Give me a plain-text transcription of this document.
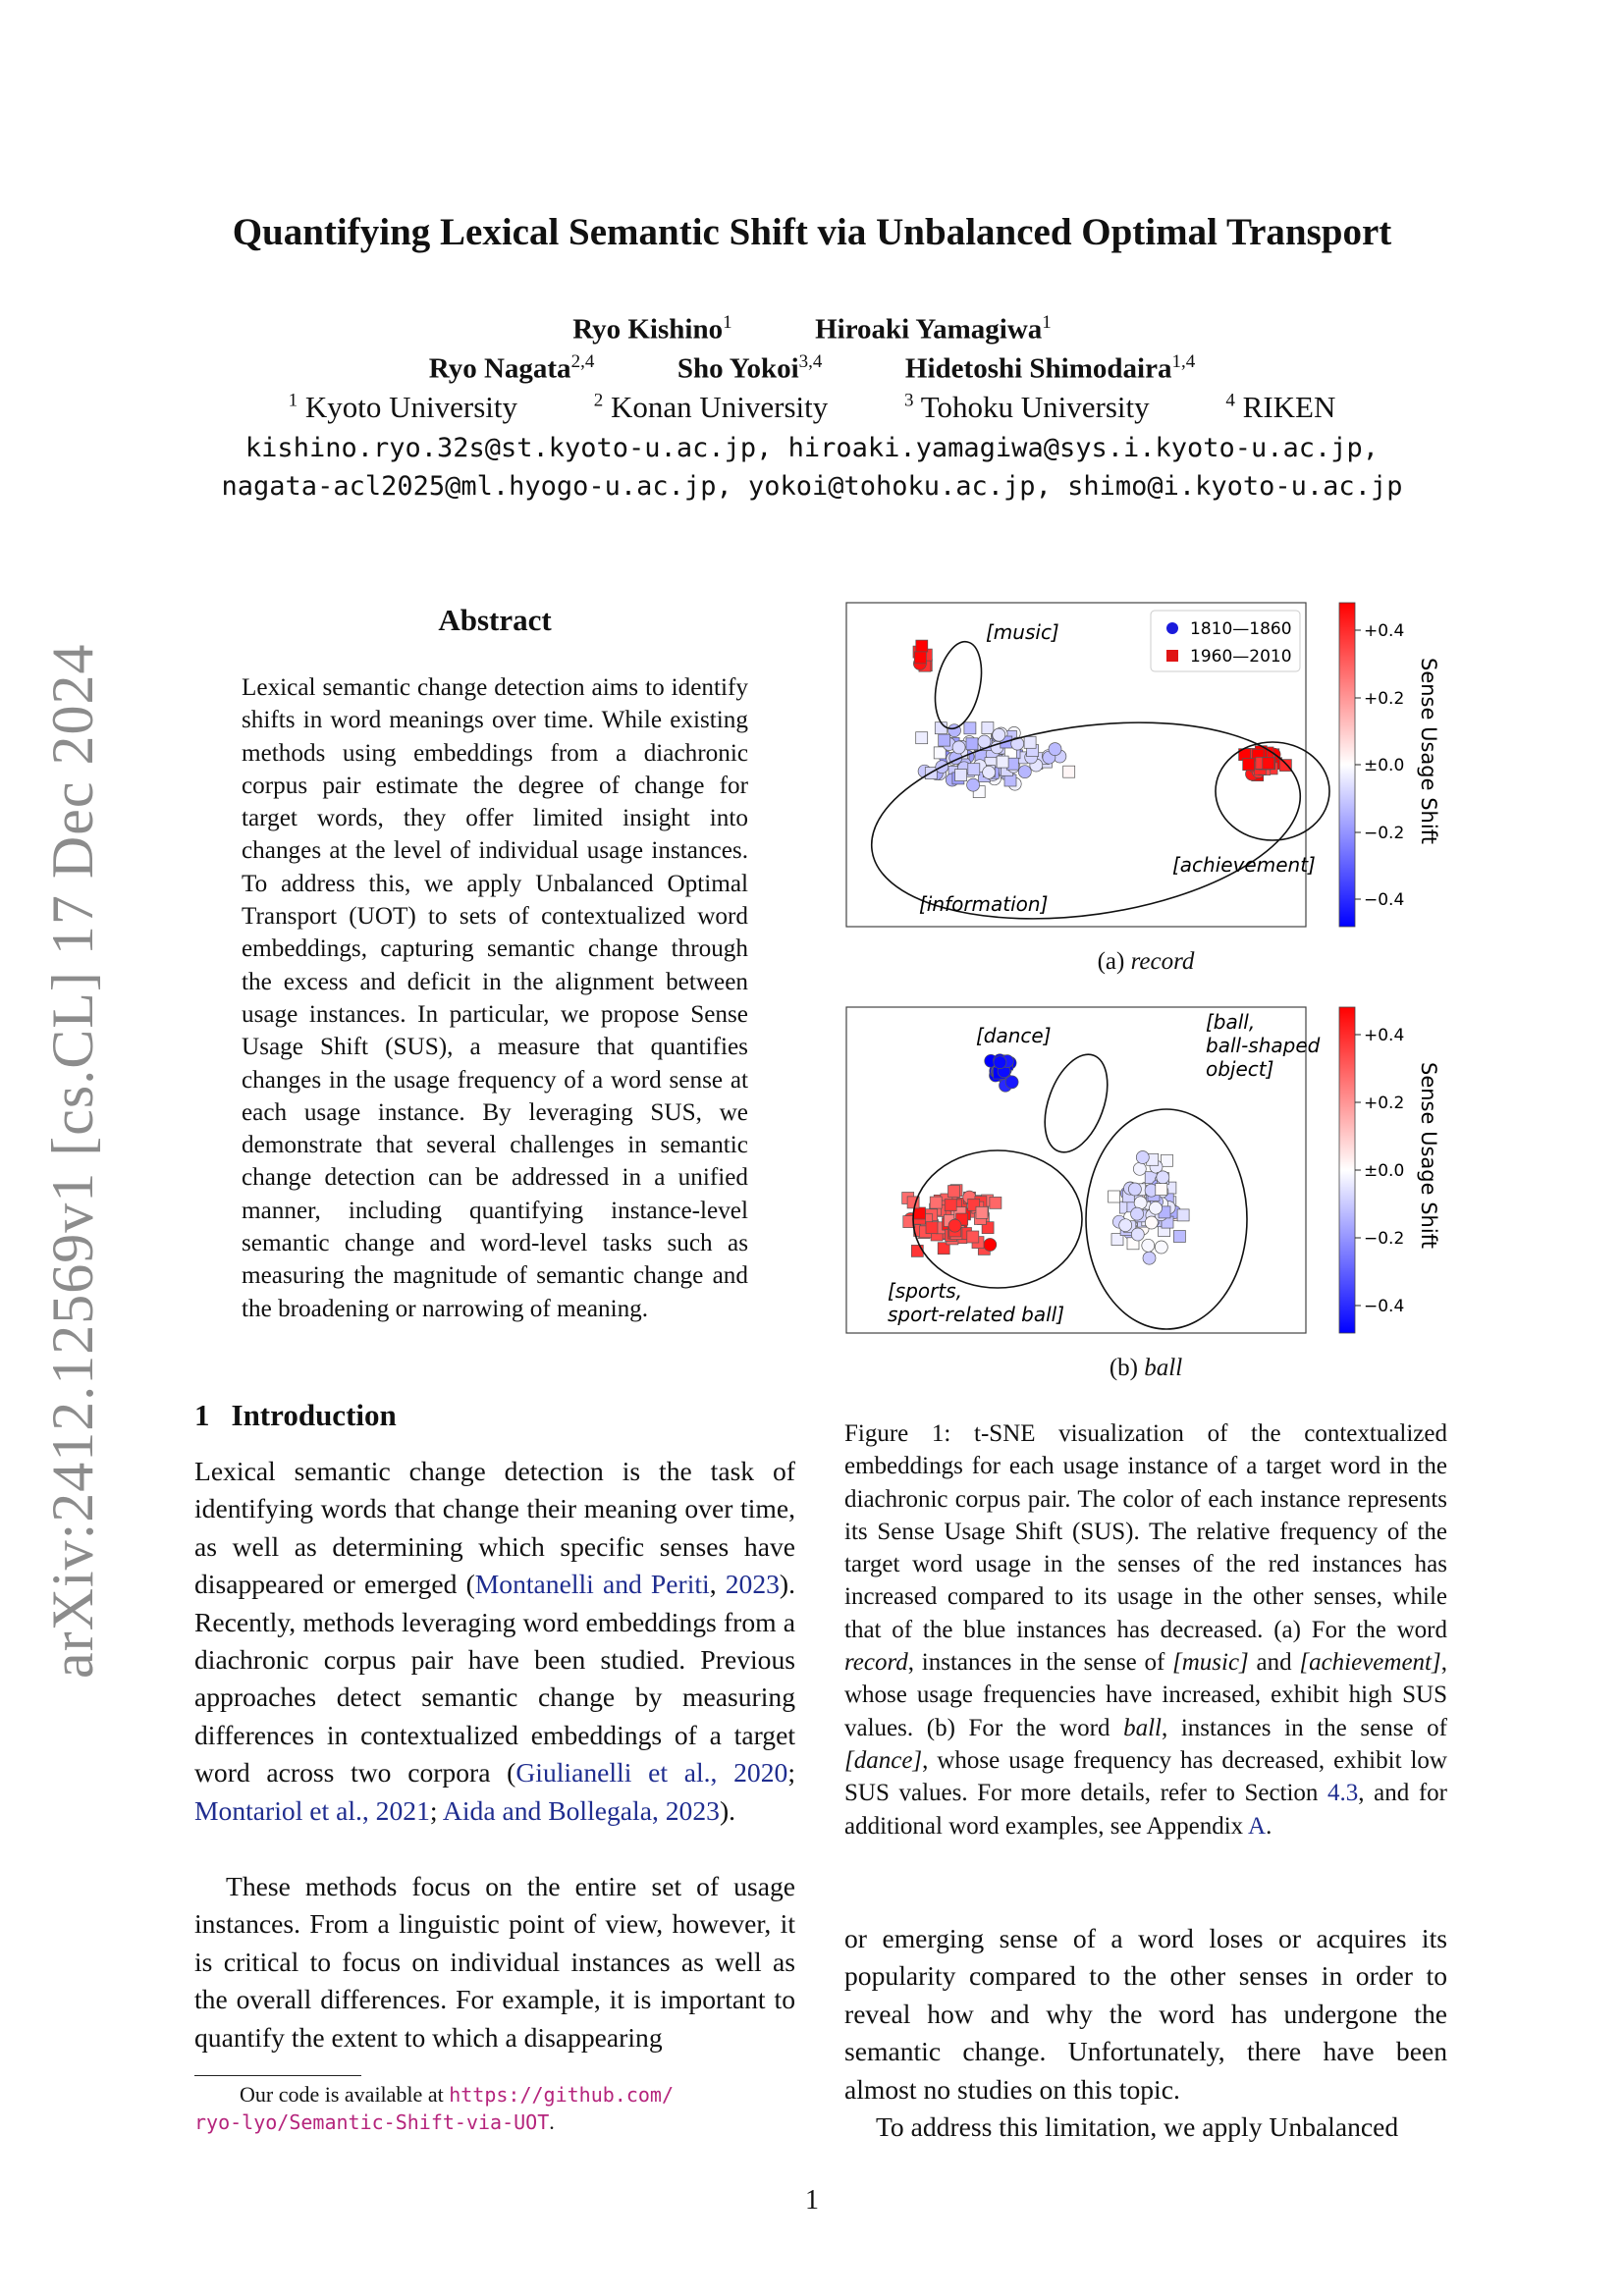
Quantifying Lexical Semantic Shift via Unbalanced Optimal Transport
Ryo Kishino$^1$	Hiroaki Yamagiwa$^1$
Ryo Nagata$^{2,4}$	Sho Yokoi$^{3,4}$	Hidetoshi Shimodaira$^{1,4}$
$^1$ Kyoto University	$^2$ Konan University	$^3$ Tohoku University	$^4$ RIKEN
kishino.ryo.32s@st.kyoto-u.ac.jp, hiroaki.yamagiwa@sys.i.kyoto-u.ac.jp,
nagata-acl2025@ml.hyogo-u.ac.jp, yokoi@tohoku.ac.jp, shimo@i.kyoto-u.ac.jp
arXiv:2412.12569v1 [cs.CL] 17 Dec 2024
Abstract
Lexical semantic change detection aims to identify shifts in word meanings over time. While existing methods using embeddings from a diachronic corpus pair estimate the degree of change for target words, they offer limited insight into changes at the level of individual usage instances. To address this, we apply Unbalanced Optimal Transport (UOT) to sets of contextualized word embeddings, capturing semantic change through the excess and deficit in the alignment between usage instances. In particular, we propose Sense Usage Shift (SUS), a measure that quantifies changes in the usage frequency of a word sense at each usage instance. By leveraging SUS, we demonstrate that several challenges in semantic change detection can be addressed in a unified manner, including quantifying instance-level semantic change and word-level tasks such as measuring the magnitude of semantic change and the broadening or narrowing of meaning.
1 Introduction

Lexical semantic change detection is the task of identifying words that change their meaning over time, as well as determining which specific senses have disappeared or emerged (Montanelli and Periti, 2023). Recently, methods leveraging word embeddings from a diachronic corpus pair have been studied. Previous approaches detect semantic change by measuring differences in contextualized embeddings of a target word across two corpora (Giulianelli et al., 2020; Montariol et al., 2021; Aida and Bollegala, 2023).

These methods focus on the entire set of usage instances. From a linguistic point of view, however, it is critical to focus on individual instances as well as the overall differences. For example, it is important to quantify the extent to which a disappearing

Our code is available at https://github.com/
ryo-lyo/Semantic-Shift-via-UOT.
[music]
[information]
[achievement]
1810—1860
1960—2010
+0.4
+0.2
±0.0
−0.2
−0.4
Sense Usage Shift
(a) record
[dance]
[ball,
ball-shaped
object]
[sports,
sport-related ball]
+0.4
+0.2
±0.0
−0.2
−0.4
Sense Usage Shift
(b) ball
Figure 1: t-SNE visualization of the contextualized embeddings for each usage instance of a target word in the diachronic corpus pair. The color of each instance represents its Sense Usage Shift (SUS). The relative frequency of the target word usage in the senses of the red instances has increased compared to its usage in the other senses, while that of the blue instances has decreased. (a) For the word record, instances in the sense of [music] and [achievement], whose usage frequencies have increased, exhibit high SUS values. (b) For the word ball, instances in the sense of [dance], whose usage frequency has decreased, exhibit low SUS values. For more details, refer to Section 4.3, and for additional word examples, see Appendix A.

or emerging sense of a word loses or acquires its popularity compared to the other senses in order to reveal how and why the word has undergone the semantic change. Unfortunately, there have been almost no studies on this topic.

To address this limitation, we apply Unbalanced

1
